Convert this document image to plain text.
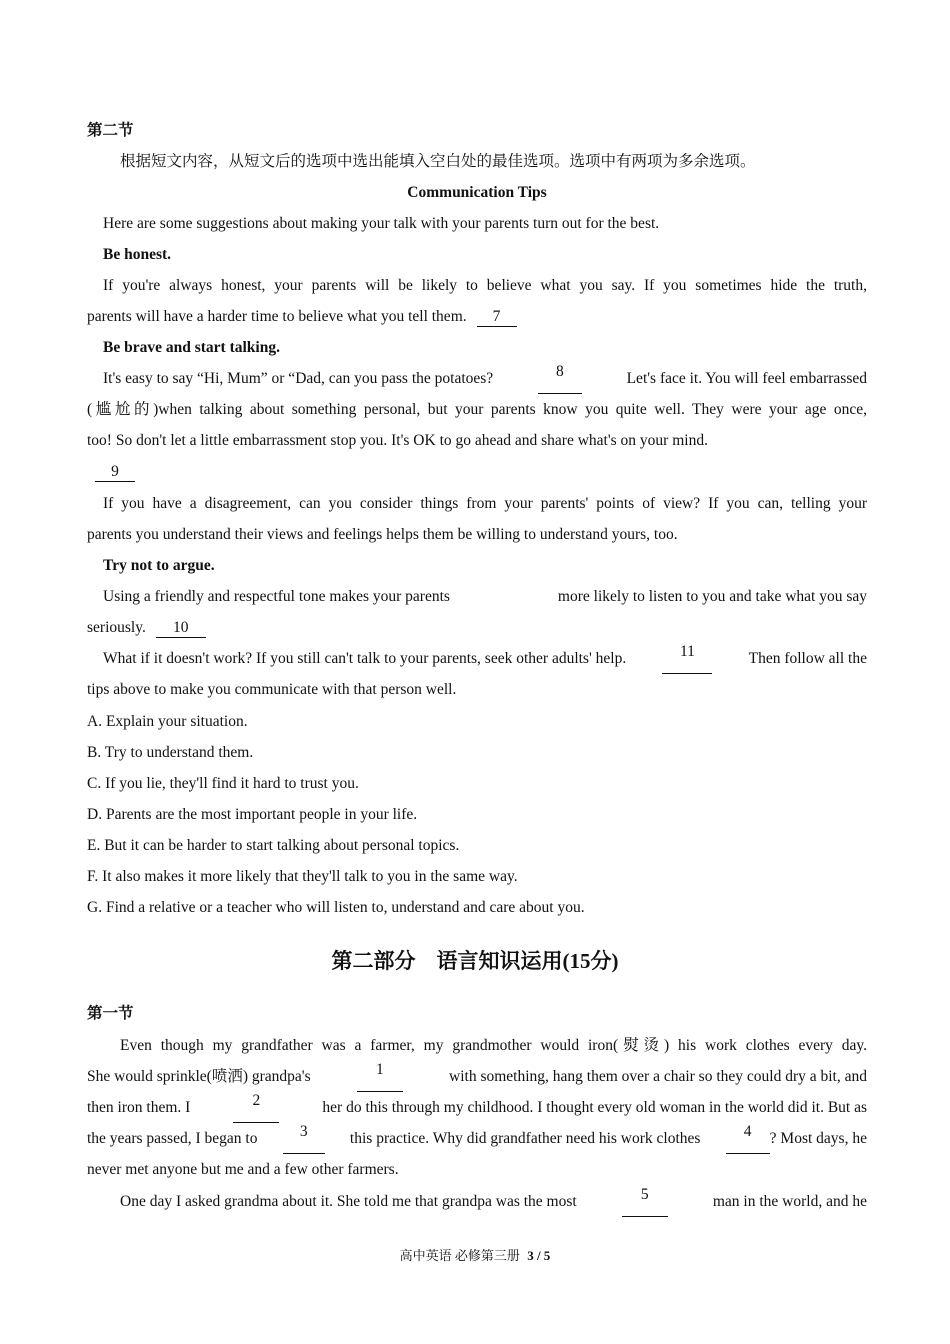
第二节
根据短文内容，从短文后的选项中选出能填入空白处的最佳选项。选项中有两项为多余选项。
Communication Tips
Here are some suggestions about making your talk with your parents turn out for the best.
Be honest.
If you're always honest, your parents will be likely to believe what you say. If you sometimes hide the truth,
parents will have a harder time to believe what you tell them. 7
Be brave and start talking.
It's easy to say “Hi, Mum” or “Dad, can you pass the potatoes?	8	Let's face it. You will feel embarrassed
(尴尬的)when talking about something personal, but your parents know you quite well. They were your age once,
too! So don't let a little embarrassment stop you. It's OK to go ahead and share what's on your mind.
9
If you have a disagreement, can you consider things from your parents' points of view? If you can, telling your
parents you understand their views and feelings helps them be willing to understand yours, too.
Try not to argue.
Using a friendly and respectful tone makes your parents	more likely to listen to you and take what you say
seriously. 10
What if it doesn't work? If you still can't talk to your parents, seek other adults' help.	11	Then follow all the
tips above to make you communicate with that person well.
A. Explain your situation.
B. Try to understand them.
C. If you lie, they'll find it hard to trust you.
D. Parents are the most important people in your life.
E. But it can be harder to start talking about personal topics.
F. It also makes it more likely that they'll talk to you in the same way.
G. Find a relative or a teacher who will listen to, understand and care about you.
第二部分　语言知识运用(15分)
第一节
Even though my grandfather was a farmer, my grandmother would iron(熨烫) his work clothes every day.
She would sprinkle(喷洒) grandpa's	1	with something, hang them over a chair so they could dry a bit, and
then iron them. I	2	her do this through my childhood. I thought every old woman in the world did it. But as
the years passed, I began to	3	this practice. Why did grandfather need his work clothes	4	? Most days, he
never met anyone but me and a few other farmers.
One day I asked grandma about it. She told me that grandpa was the most	5	man in the world, and he
高中英语 必修第三册 3 / 5
